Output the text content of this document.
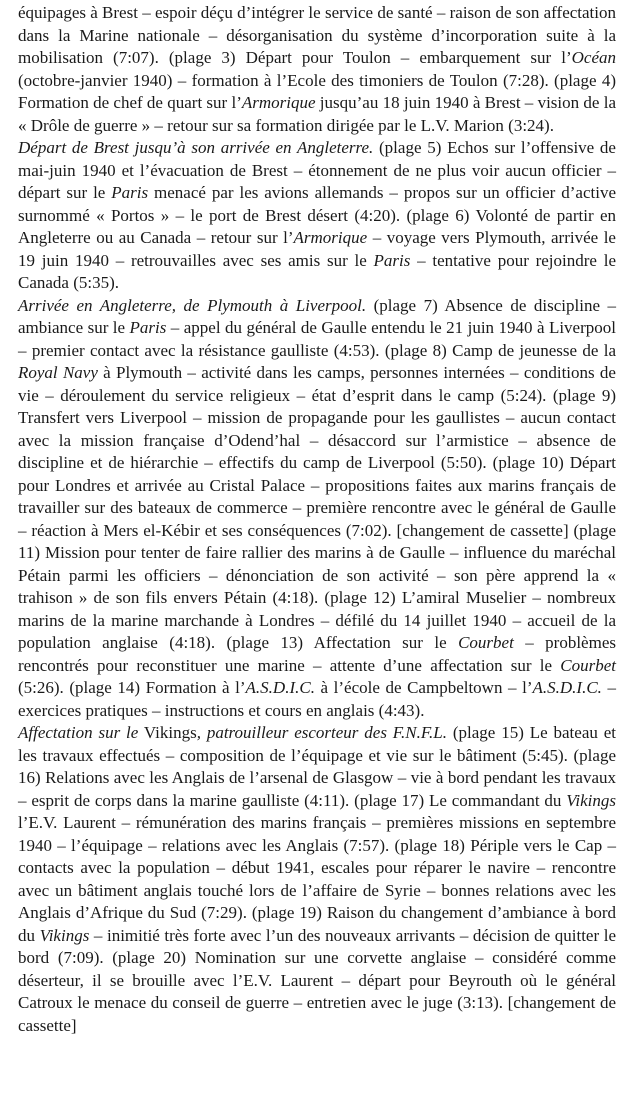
équipages à Brest – espoir déçu d’intégrer le service de santé – raison de son affectation dans la Marine nationale – désorganisation du système d’incorporation suite à la mobilisation (7:07). (plage 3) Départ pour Toulon – embarquement sur l’Océan (octobre-janvier 1940) – formation à l’Ecole des timoniers de Toulon (7:28). (plage 4) Formation de chef de quart sur l’Armorique jusqu’au 18 juin 1940 à Brest – vision de la « Drôle de guerre » – retour sur sa formation dirigée par le L.V. Marion (3:24).
Départ de Brest jusqu’à son arrivée en Angleterre. (plage 5) Echos sur l’offensive de mai-juin 1940 et l’évacuation de Brest – étonnement de ne plus voir aucun officier – départ sur le Paris menacé par les avions allemands – propos sur un officier d’active surnommé « Portos » – le port de Brest désert (4:20). (plage 6) Volonté de partir en Angleterre ou au Canada – retour sur l’Armorique – voyage vers Plymouth, arrivée le 19 juin 1940 – retrouvailles avec ses amis sur le Paris – tentative pour rejoindre le Canada (5:35).
Arrivée en Angleterre, de Plymouth à Liverpool. (plage 7) Absence de discipline – ambiance sur le Paris – appel du général de Gaulle entendu le 21 juin 1940 à Liverpool – premier contact avec la résistance gaulliste (4:53). (plage 8) Camp de jeunesse de la Royal Navy à Plymouth – activité dans les camps, personnes internées – conditions de vie – déroulement du service religieux – état d’esprit dans le camp (5:24). (plage 9) Transfert vers Liverpool – mission de propagande pour les gaullistes – aucun contact avec la mission française d’Odend’hal – désaccord sur l’armistice – absence de discipline et de hiérarchie – effectifs du camp de Liverpool (5:50). (plage 10) Départ pour Londres et arrivée au Cristal Palace – propositions faites aux marins français de travailler sur des bateaux de commerce – première rencontre avec le général de Gaulle – réaction à Mers el-Kébir et ses conséquences (7:02). [changement de cassette] (plage 11) Mission pour tenter de faire rallier des marins à de Gaulle – influence du maréchal Pétain parmi les officiers – dénonciation de son activité – son père apprend la « trahison » de son fils envers Pétain (4:18). (plage 12) L’amiral Muselier – nombreux marins de la marine marchande à Londres – défilé du 14 juillet 1940 – accueil de la population anglaise (4:18). (plage 13) Affectation sur le Courbet – problèmes rencontrés pour reconstituer une marine – attente d’une affectation sur le Courbet (5:26). (plage 14) Formation à l’A.S.D.I.C. à l’école de Campbeltown – l’A.S.D.I.C. – exercices pratiques – instructions et cours en anglais (4:43).
Affectation sur le Vikings, patrouilleur escorteur des F.N.F.L. (plage 15) Le bateau et les travaux effectués – composition de l’équipage et vie sur le bâtiment (5:45). (plage 16) Relations avec les Anglais de l’arsenal de Glasgow – vie à bord pendant les travaux – esprit de corps dans la marine gaulliste (4:11). (plage 17) Le commandant du Vikings l’E.V. Laurent – rémunération des marins français – premières missions en septembre 1940 – l’équipage – relations avec les Anglais (7:57). (plage 18) Périple vers le Cap – contacts avec la population – début 1941, escales pour réparer le navire – rencontre avec un bâtiment anglais touché lors de l’affaire de Syrie – bonnes relations avec les Anglais d’Afrique du Sud (7:29). (plage 19) Raison du changement d’ambiance à bord du Vikings – inimitié très forte avec l’un des nouveaux arrivants – décision de quitter le bord (7:09). (plage 20) Nomination sur une corvette anglaise – considéré comme déserteur, il se brouille avec l’E.V. Laurent – départ pour Beyrouth où le général Catroux le menace du conseil de guerre – entretien avec le juge (3:13). [changement de cassette]
